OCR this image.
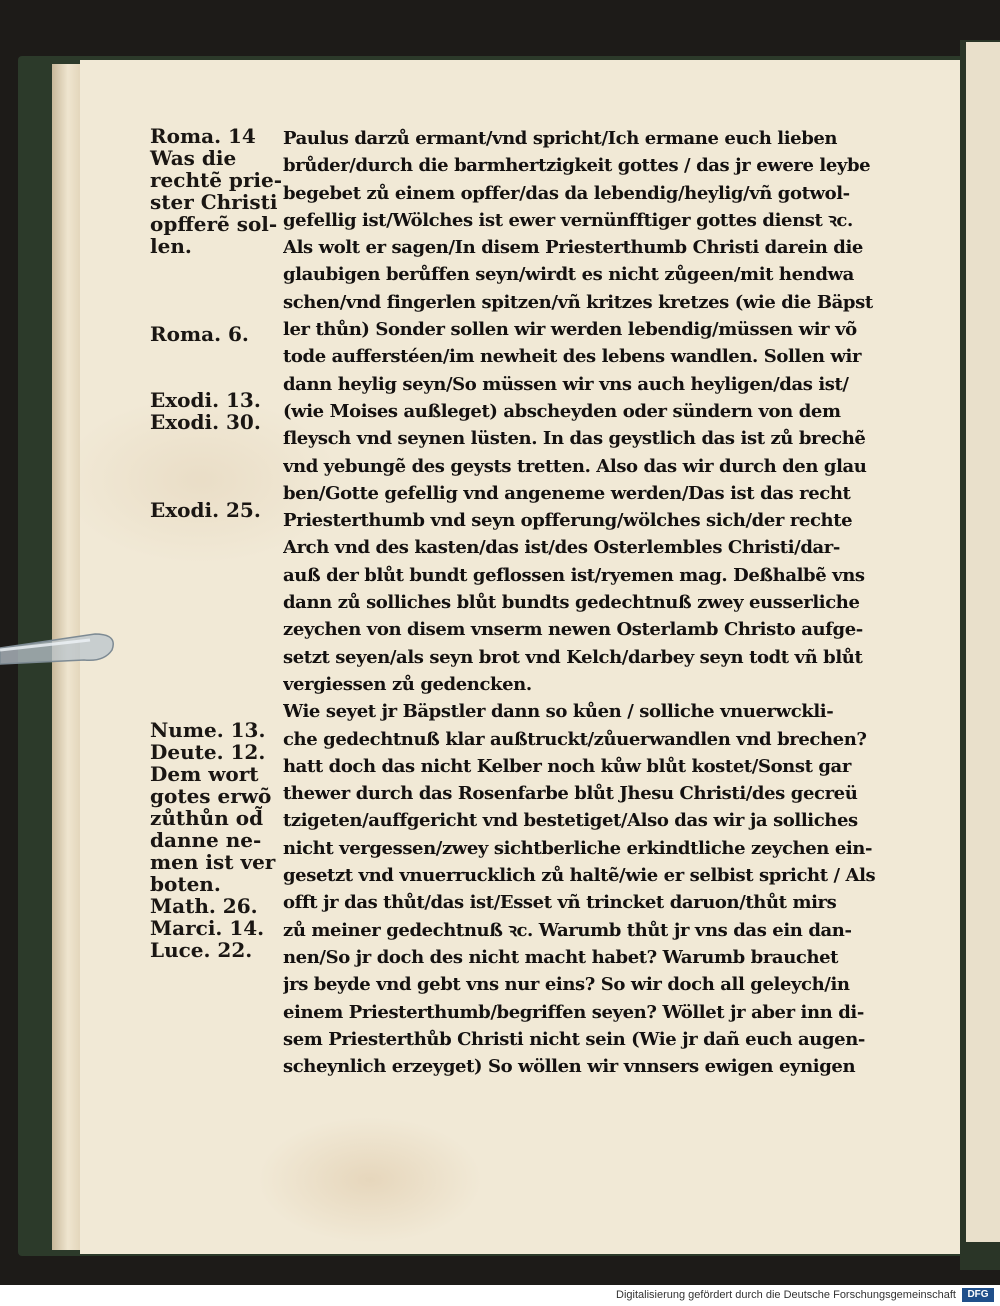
Roma. 14
Was die
rechtẽ prie-
ster Christi
opfferẽ sol-
len.

Roma. 6.

Exodi. 13.
Exodi. 30.

Exodi. 25.

Nume. 13.
Deute. 12.
Dem wort
gotes erwõ
zůthůn od̃
danne ne-
men ist ver
boten.
Math. 26.
Marci. 14.
Luce. 22.
Paulus darzů ermant/vnd spricht/Ich ermane euch lieben
brůder/durch die barmhertzigkeit gottes / das jr ewere leybe
begebet zů einem opffer/das da lebendig/heylig/vñ gotwol-
gefellig ist/Wölches ist ewer vernünfftiger gottes dienst ꝛc.
Als wolt er sagen/In disem Priesterthumb Christi darein die
glaubigen berůffen seyn/wirdt es nicht zůgeen/mit hendwa
schen/vnd fingerlen spitzen/vñ kritzes kretzes (wie die Bäpst
ler thůn) Sonder sollen wir werden lebendig/müssen wir võ
tode aufferstéen/im newheit des lebens wandlen. Sollen wir
dann heylig seyn/So müssen wir vns auch heyligen/das ist/
(wie Moises außleget) abscheyden oder sündern von dem
fleysch vnd seynen lüsten. In das geystlich das ist zů brechẽ
vnd yebungẽ des geysts tretten. Also das wir durch den glau
ben/Gotte gefellig vnd angeneme werden/Das ist das recht
Priesterthumb vnd seyn opfferung/wölches sich/der rechte
Arch vnd des kasten/das ist/des Osterlembles Christi/dar-
auß der blůt bundt geflossen ist/ryemen mag. Deßhalbẽ vns
dann zů solliches blůt bundts gedechtnuß zwey eusserliche
zeychen von disem vnserm newen Osterlamb Christo aufge-
setzt seyen/als seyn brot vnd Kelch/darbey seyn todt vñ blůt
vergiessen zů gedencken.
Wie seyet jr Bäpstler dann so kůen / solliche vnuerwckli-
che gedechtnuß klar außtruckt/zůuerwandlen vnd brechen?
hatt doch das nicht Kelber noch kůw blůt kostet/Sonst gar
thewer durch das Rosenfarbe blůt Jhesu Christi/des gecreü
tzigeten/auffgericht vnd bestetiget/Also das wir ja solliches
nicht vergessen/zwey sichtberliche erkindtliche zeychen ein-
gesetzt vnd vnuerrucklich zů haltẽ/wie er selbist spricht / Als
offt jr das thůt/das ist/Esset vñ trincket daruon/thůt mirs
zů meiner gedechtnuß ꝛc. Warumb thůt jr vns das ein dan-
nen/So jr doch des nicht macht habet? Warumb brauchet
jrs beyde vnd gebt vns nur eins? So wir doch all geleych/in
einem Priesterthumb/begriffen seyen? Wöllet jr aber inn di-
sem Priesterthůb Christi nicht sein (Wie jr dañ euch augen-
scheynlich erzeyget) So wöllen wir vnnsers ewigen eynigen
Digitalisierung gefördert durch die Deutsche Forschungsgemeinschaft	DFG
